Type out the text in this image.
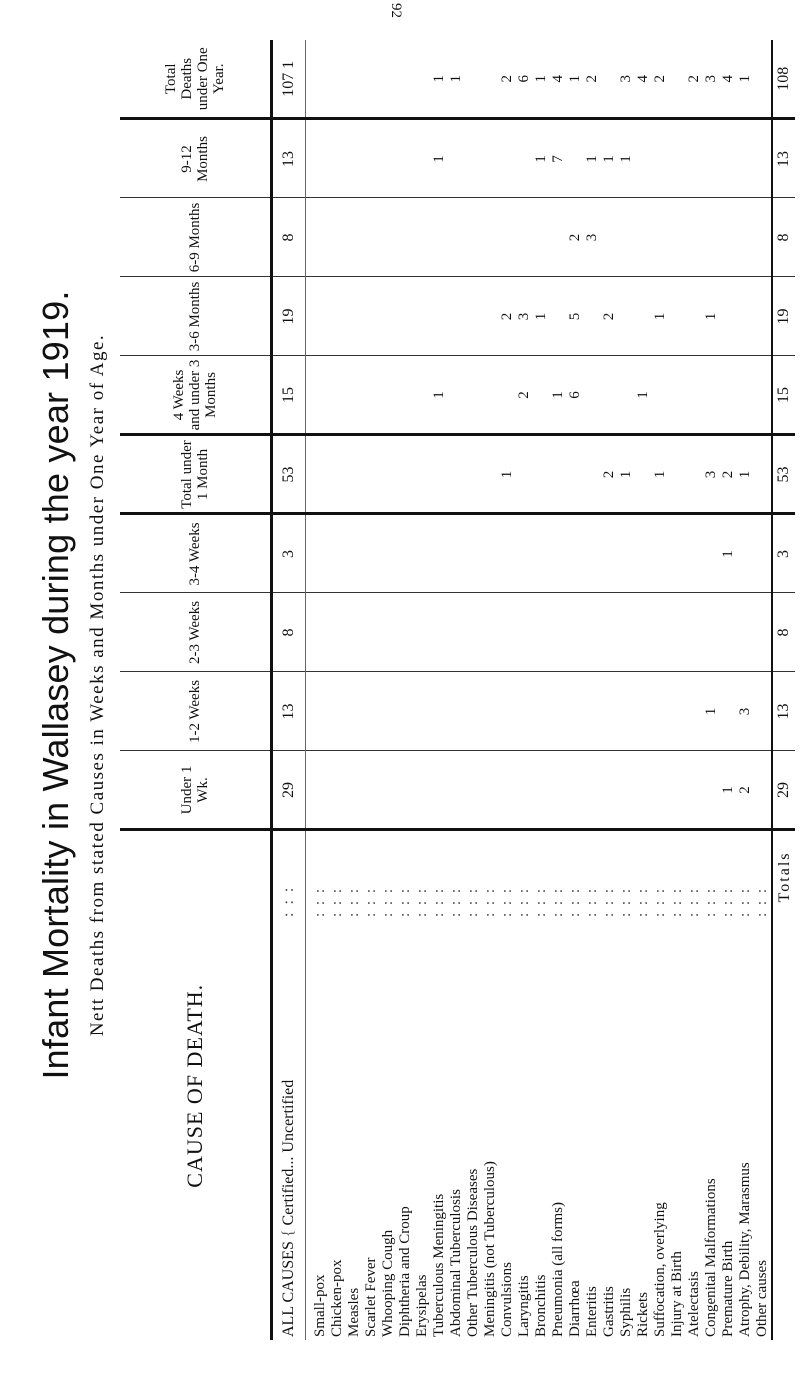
92
Infant Mortality in Wallasey during the year 1919. Nett Deaths from stated Causes in Weeks and Months under One Year of Age.
CAUSE OF DEATH.		Under 1 Wk.	1-2 Weeks	2-3 Weeks	3-4 Weeks	Total under 1 Month	4 Weeks and under 3 Months	3-6 Months	6-9 Months	9-12 Months	Total Deaths under One Year.
ALL CAUSES { Certified... Uncertified	: : :	29	13	8	3	53	15	19	8	13	107 1

Small-pox	: : :										
Chicken-pox	: : :										
Measles	: : :										
Scarlet Fever	: : :										
Whooping Cough	: : :										
Diphtheria and Croup	: : :										
Erysipelas	: : :										
Tuberculous Meningitis	: : :						1			1	1
Abdominal Tuberculosis	: : :										1
Other Tuberculous Diseases	: : :										
Meningitis (not Tuberculous)	: : :										
Convulsions	: : :					1		2			2
Laryngitis	: : :						2	3			6
Bronchitis	: : :							1		1	1
Pneumonia (all forms)	: : :						1			7	4
Diarrhœa	: : :						6	5	2		1
Enteritis	: : :								3	1	2
Gastritis	: : :					2		2		1	
Syphilis	: : :					1				1	3
Rickets	: : :						1				4
Suffocation, overlying	: : :					1		1			2
Injury at Birth	: : :										
Atelectasis	: : :										2
Congenital Malformations	: : :		1			3		1			3
Premature Birth	: : :	1			1	2					4
Atrophy, Debility, Marasmus	: : :	2	3			1					1
Other causes	: : :										
Totals		29	13	8	3	53	15	19	8	13	108
